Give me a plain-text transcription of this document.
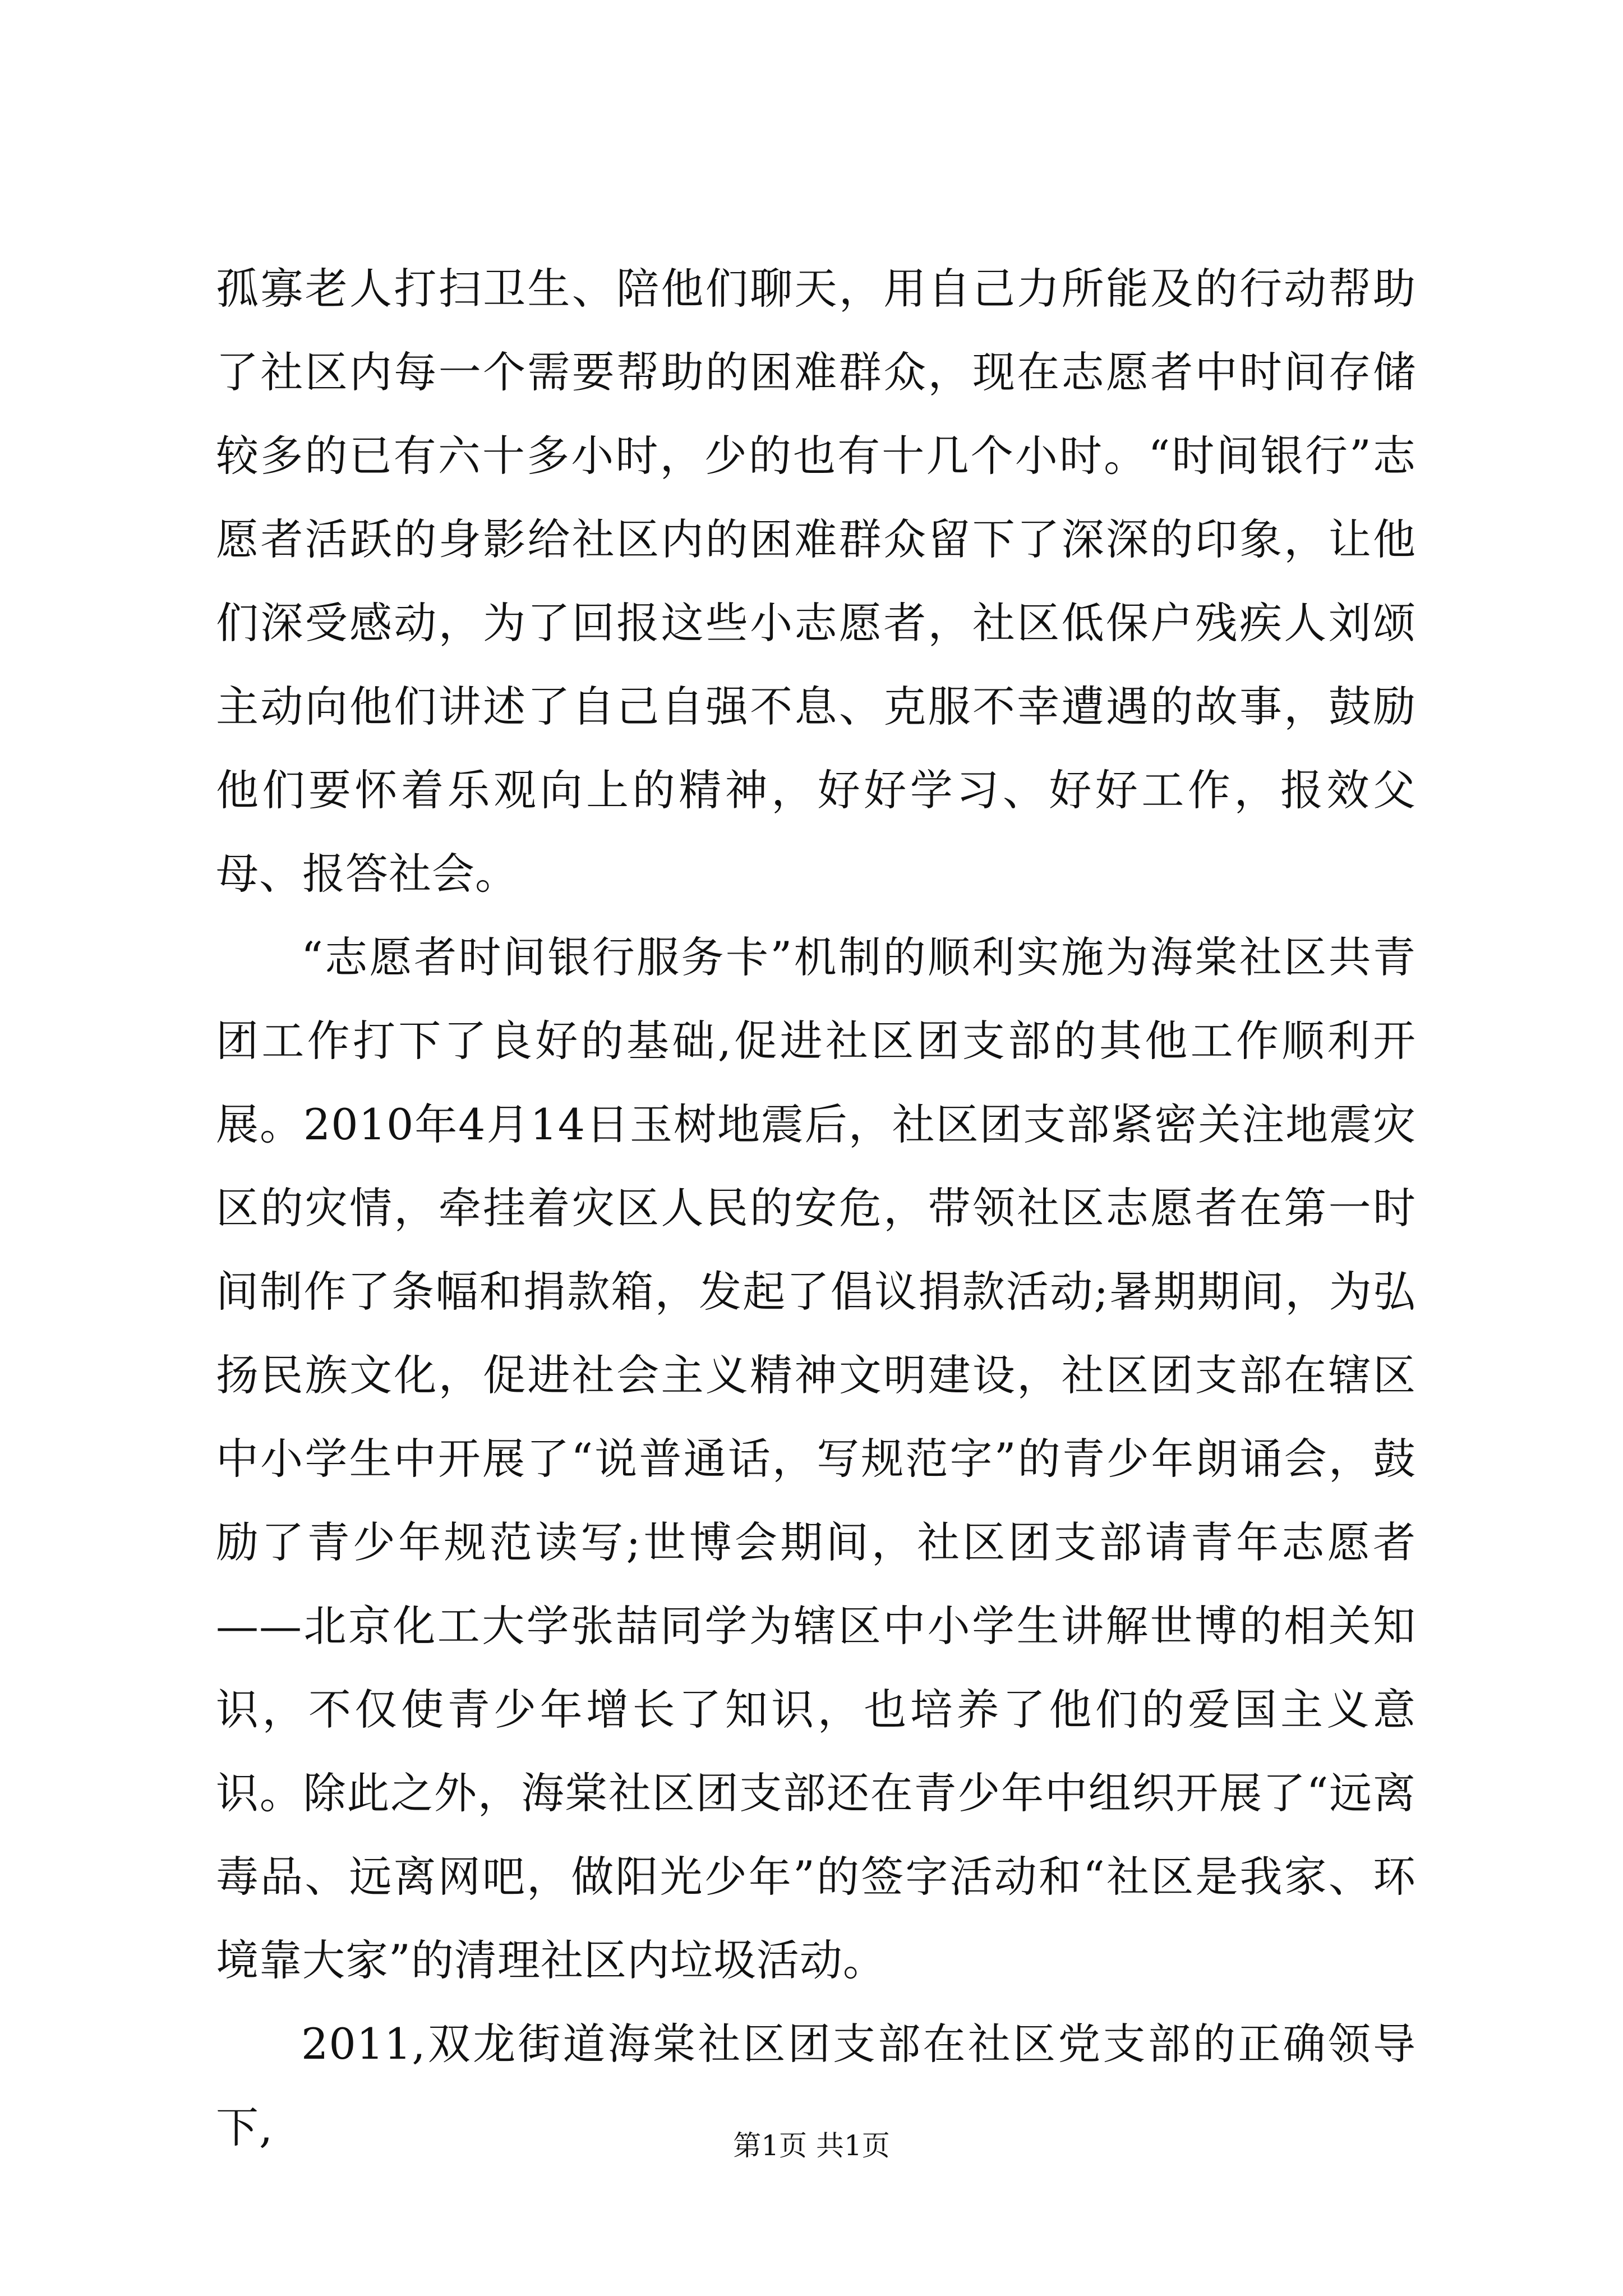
孤寡老人打扫卫生、陪他们聊天，用自己力所能及的行动帮助了社区内每一个需要帮助的困难群众，现在志愿者中时间存储较多的已有六十多小时，少的也有十几个小时。“时间银行”志愿者活跃的身影给社区内的困难群众留下了深深的印象，让他们深受感动，为了回报这些小志愿者，社区低保户残疾人刘颂主动向他们讲述了自己自强不息、克服不幸遭遇的故事，鼓励他们要怀着乐观向上的精神，好好学习、好好工作，报效父母、报答社会。

“志愿者时间银行服务卡”机制的顺利实施为海棠社区共青团工作打下了良好的基础,促进社区团支部的其他工作顺利开展。2010年4月14日玉树地震后，社区团支部紧密关注地震灾区的灾情，牵挂着灾区人民的安危，带领社区志愿者在第一时间制作了条幅和捐款箱，发起了倡议捐款活动;暑期期间，为弘扬民族文化，促进社会主义精神文明建设，社区团支部在辖区中小学生中开展了“说普通话，写规范字”的青少年朗诵会，鼓励了青少年规范读写;世博会期间，社区团支部请青年志愿者——北京化工大学张喆同学为辖区中小学生讲解世博的相关知识，不仅使青少年增长了知识，也培养了他们的爱国主义意识。除此之外，海棠社区团支部还在青少年中组织开展了“远离毒品、远离网吧，做阳光少年”的签字活动和“社区是我家、环境靠大家”的清理社区内垃圾活动。

2011,双龙街道海棠社区团支部在社区党支部的正确领导下,	第1页 共1页
